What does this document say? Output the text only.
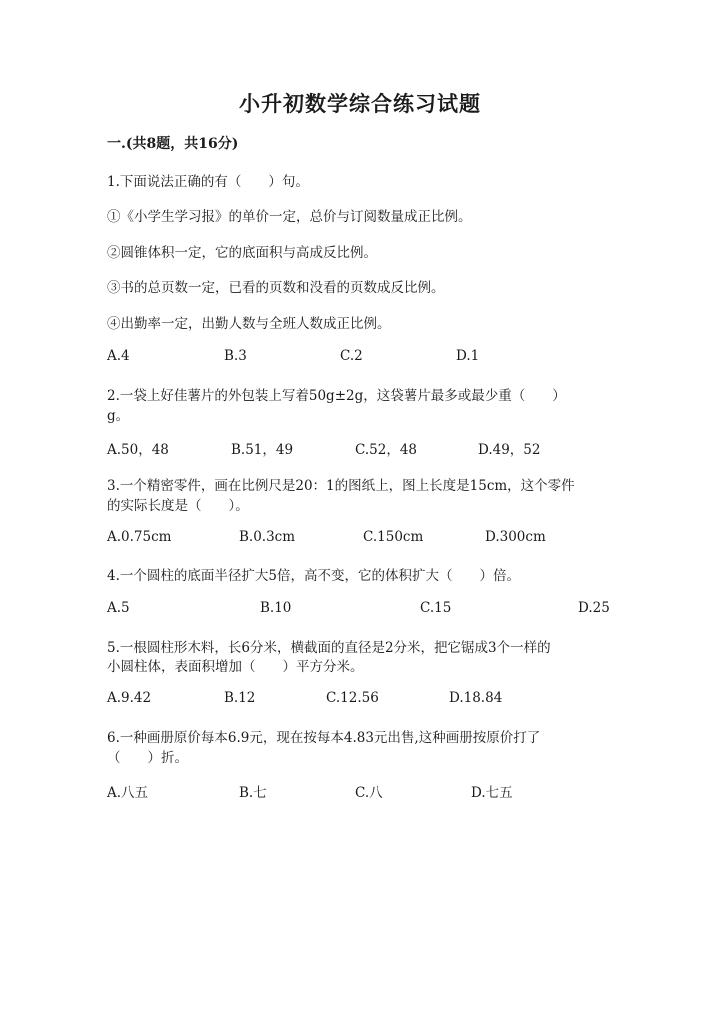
小升初数学综合练习试题
一.(共8题，共16分)
1.下面说法正确的有（　　）句。
①《小学生学习报》的单价一定，总价与订阅数量成正比例。
②圆锥体积一定，它的底面积与高成反比例。
③书的总页数一定，已看的页数和没看的页数成反比例。
④出勤率一定，出勤人数与全班人数成正比例。
A.4	B.3	C.2	D.1
2.一袋上好佳薯片的外包装上写着50g±2g，这袋薯片最多或最少重（　　）
g。
A.50，48	B.51，49	C.52，48	D.49，52
3.一个精密零件，画在比例尺是20：1的图纸上，图上长度是15cm，这个零件
的实际长度是（　　）。
A.0.75cm	B.0.3cm	C.150cm	D.300cm
4.一个圆柱的底面半径扩大5倍，高不变，它的体积扩大（　　）倍。
A.5	B.10	C.15	D.25
5.一根圆柱形木料，长6分米，横截面的直径是2分米，把它锯成3个一样的
小圆柱体，表面积增加（　　）平方分米。
A.9.42	B.12	C.12.56	D.18.84
6.一种画册原价每本6.9元，现在按每本4.83元出售,这种画册按原价打了
（　　）折。
A.八五	B.七	C.八	D.七五
